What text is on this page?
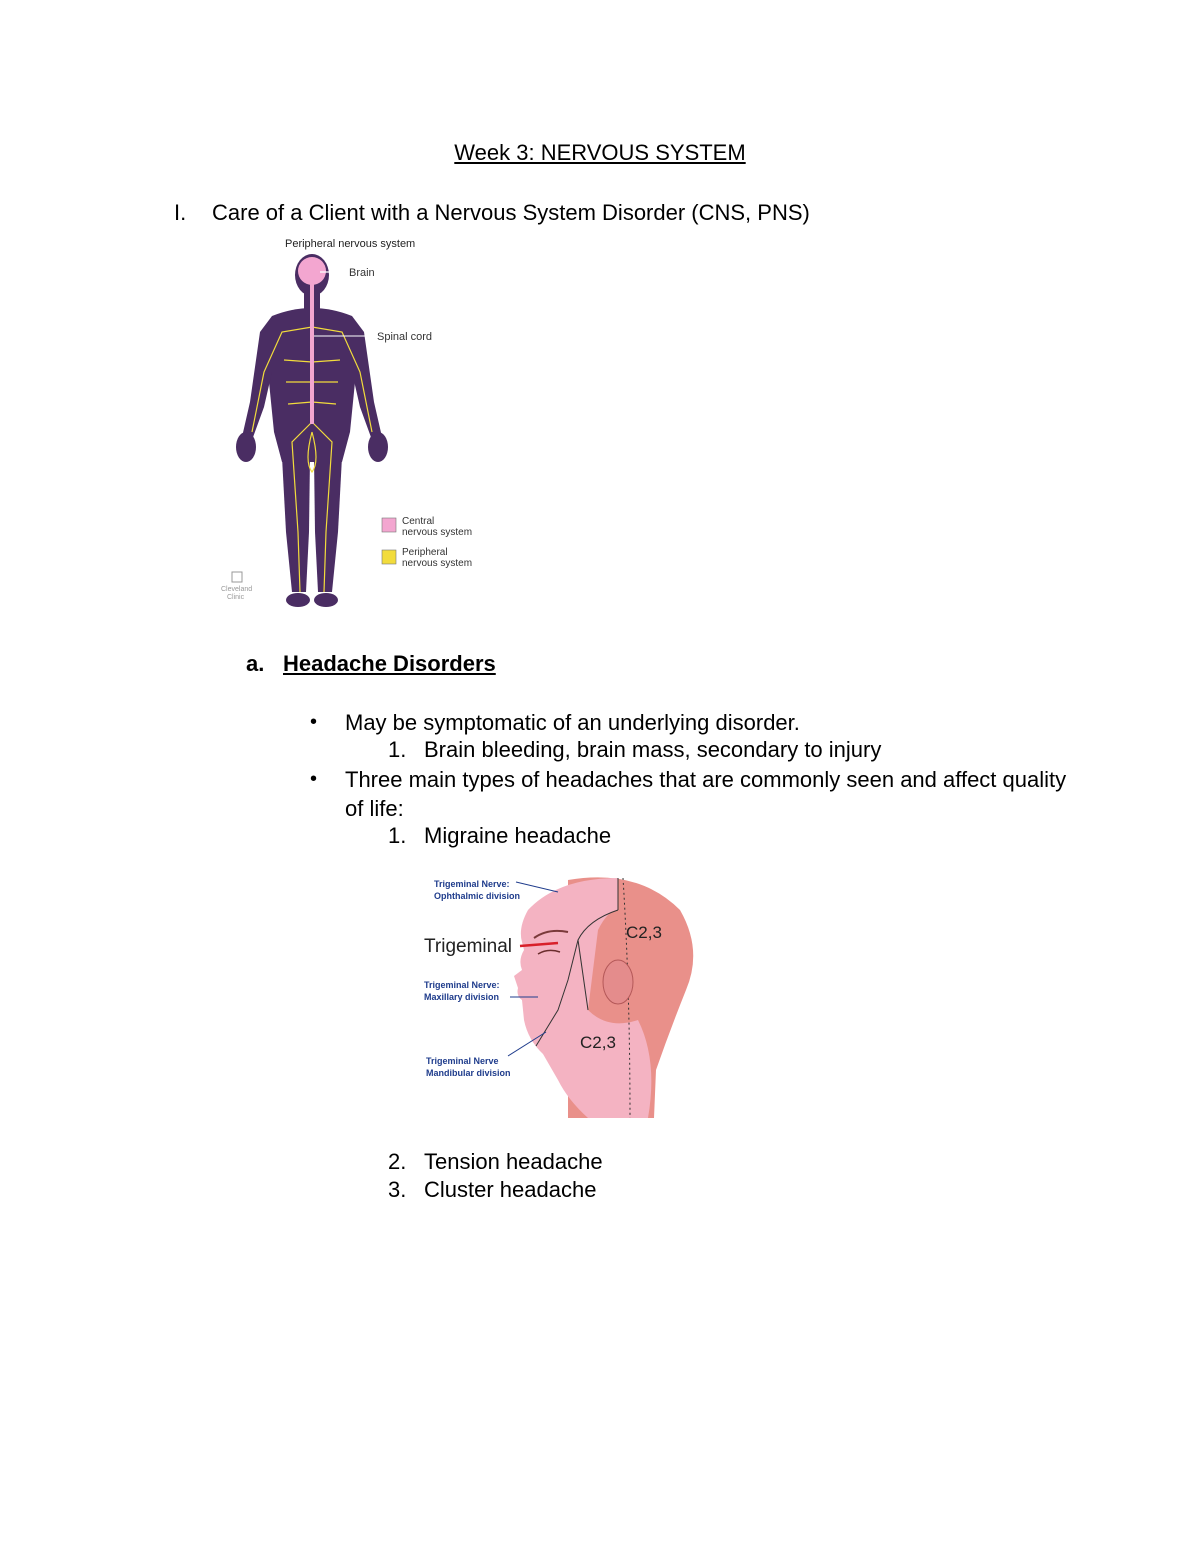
Week 3: NERVOUS SYSTEM
I. Care of a Client with a Nervous System Disorder (CNS, PNS)
Peripheral nervous system
Brain
Spinal cord
Central
nervous system
Peripheral
nervous system
Cleveland
Clinic
a. Headache Disorders
• May be symptomatic of an underlying disorder.
1. Brain bleeding, brain mass, secondary to injury
• Three main types of headaches that are commonly seen and affect quality
of life:
1. Migraine headache
Trigeminal Nerve:
Ophthalmic division
Trigeminal
C2,3
Trigeminal Nerve:
Maxillary division
C2,3
Trigeminal Nerve
Mandibular division
2. Tension headache
3. Cluster headache
